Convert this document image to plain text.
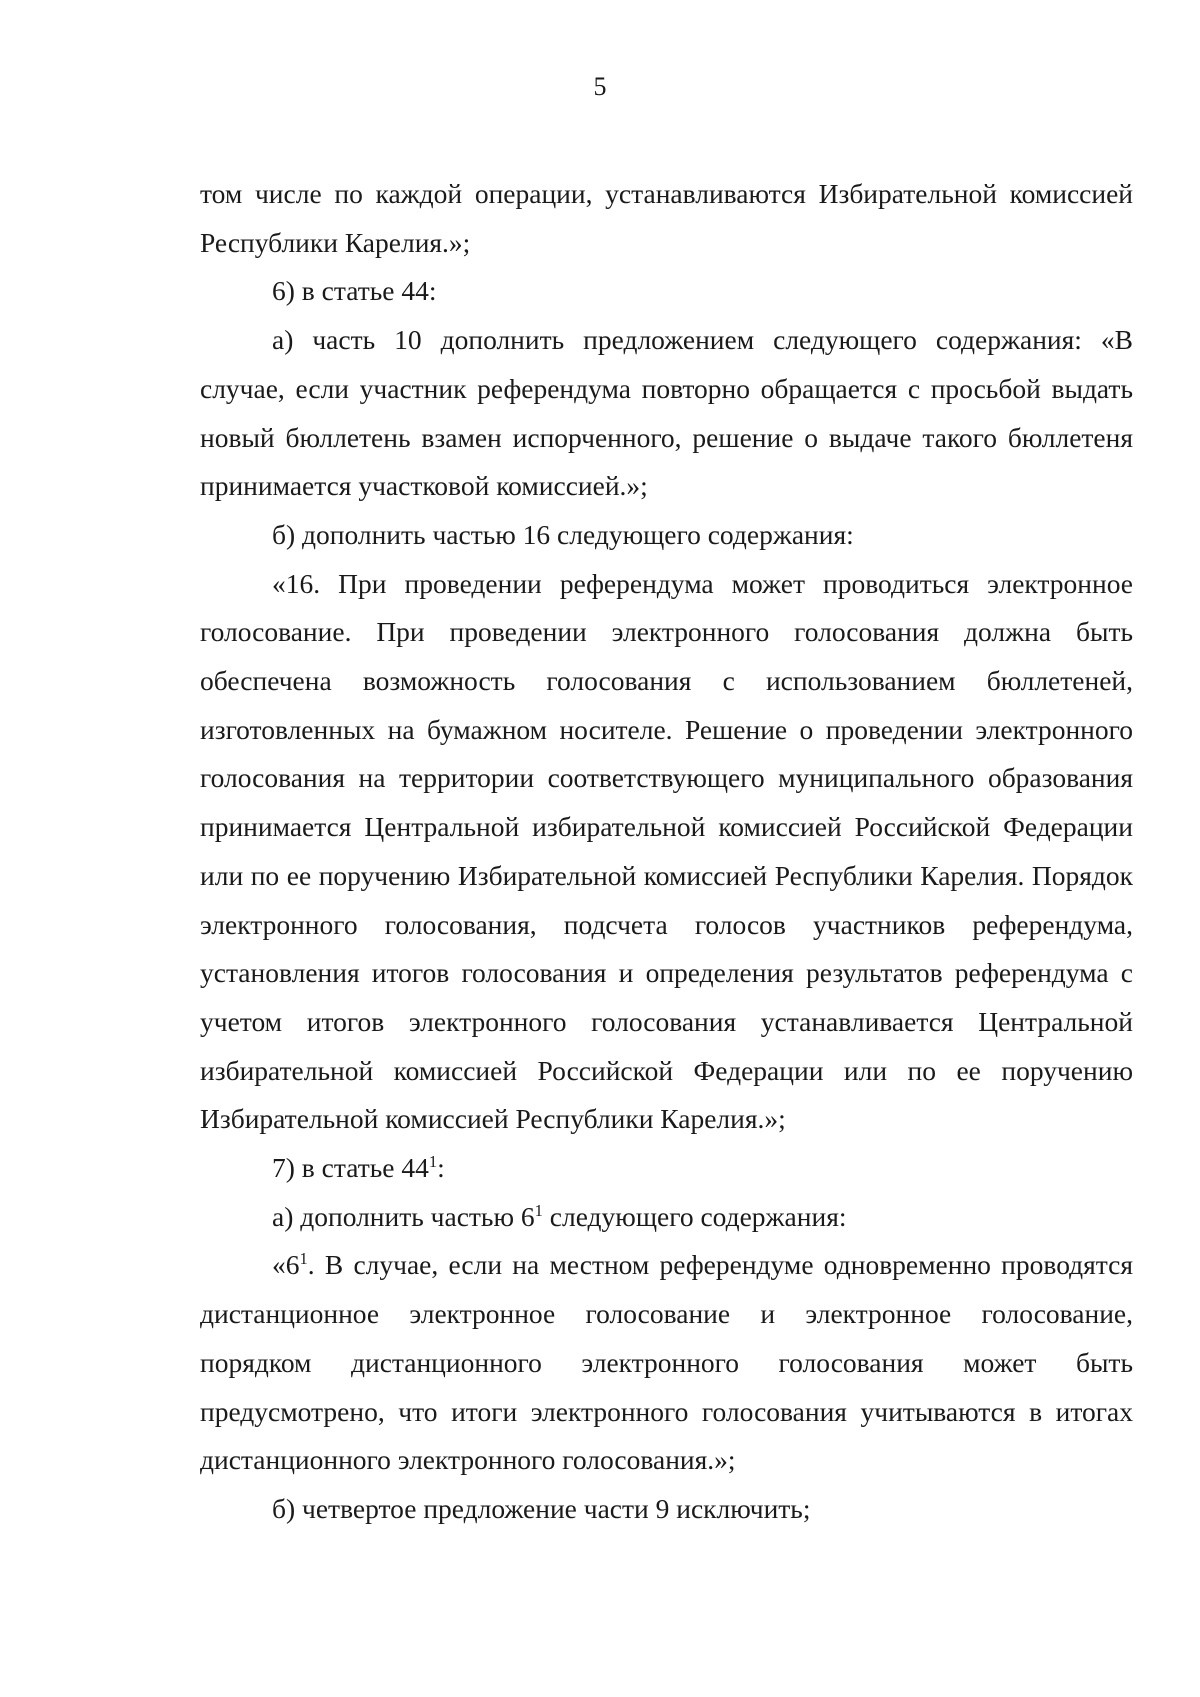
5

том числе по каждой операции, устанавливаются Избирательной комиссией Республики Карелия.»;

6) в статье 44:

а) часть 10 дополнить предложением следующего содержания: «В случае, если участник референдума повторно обращается с просьбой выдать новый бюллетень взамен испорченного, решение о выдаче такого бюллетеня принимается участковой комиссией.»;

б) дополнить частью 16 следующего содержания:

«16. При проведении референдума может проводиться электронное голосование. При проведении электронного голосования должна быть обеспечена возможность голосования с использованием бюллетеней, изготовленных на бумажном носителе. Решение о проведении электронного голосования на территории соответствующего муниципального образования принимается Центральной избирательной комиссией Российской Федерации или по ее поручению Избирательной комиссией Республики Карелия. Порядок электронного голосования, подсчета голосов участников референдума, установления итогов голосования и определения результатов референдума с учетом итогов электронного голосования устанавливается Центральной избирательной комиссией Российской Федерации или по ее поручению Избирательной комиссией Республики Карелия.»;

7) в статье $44^1$:

а) дополнить частью $6^1$ следующего содержания:

«$6^1$. В случае, если на местном референдуме одновременно проводятся дистанционное электронное голосование и электронное голосование, порядком дистанционного электронного голосования может быть предусмотрено, что итоги электронного голосования учитываются в итогах дистанционного электронного голосования.»;

б) четвертое предложение части 9 исключить;
